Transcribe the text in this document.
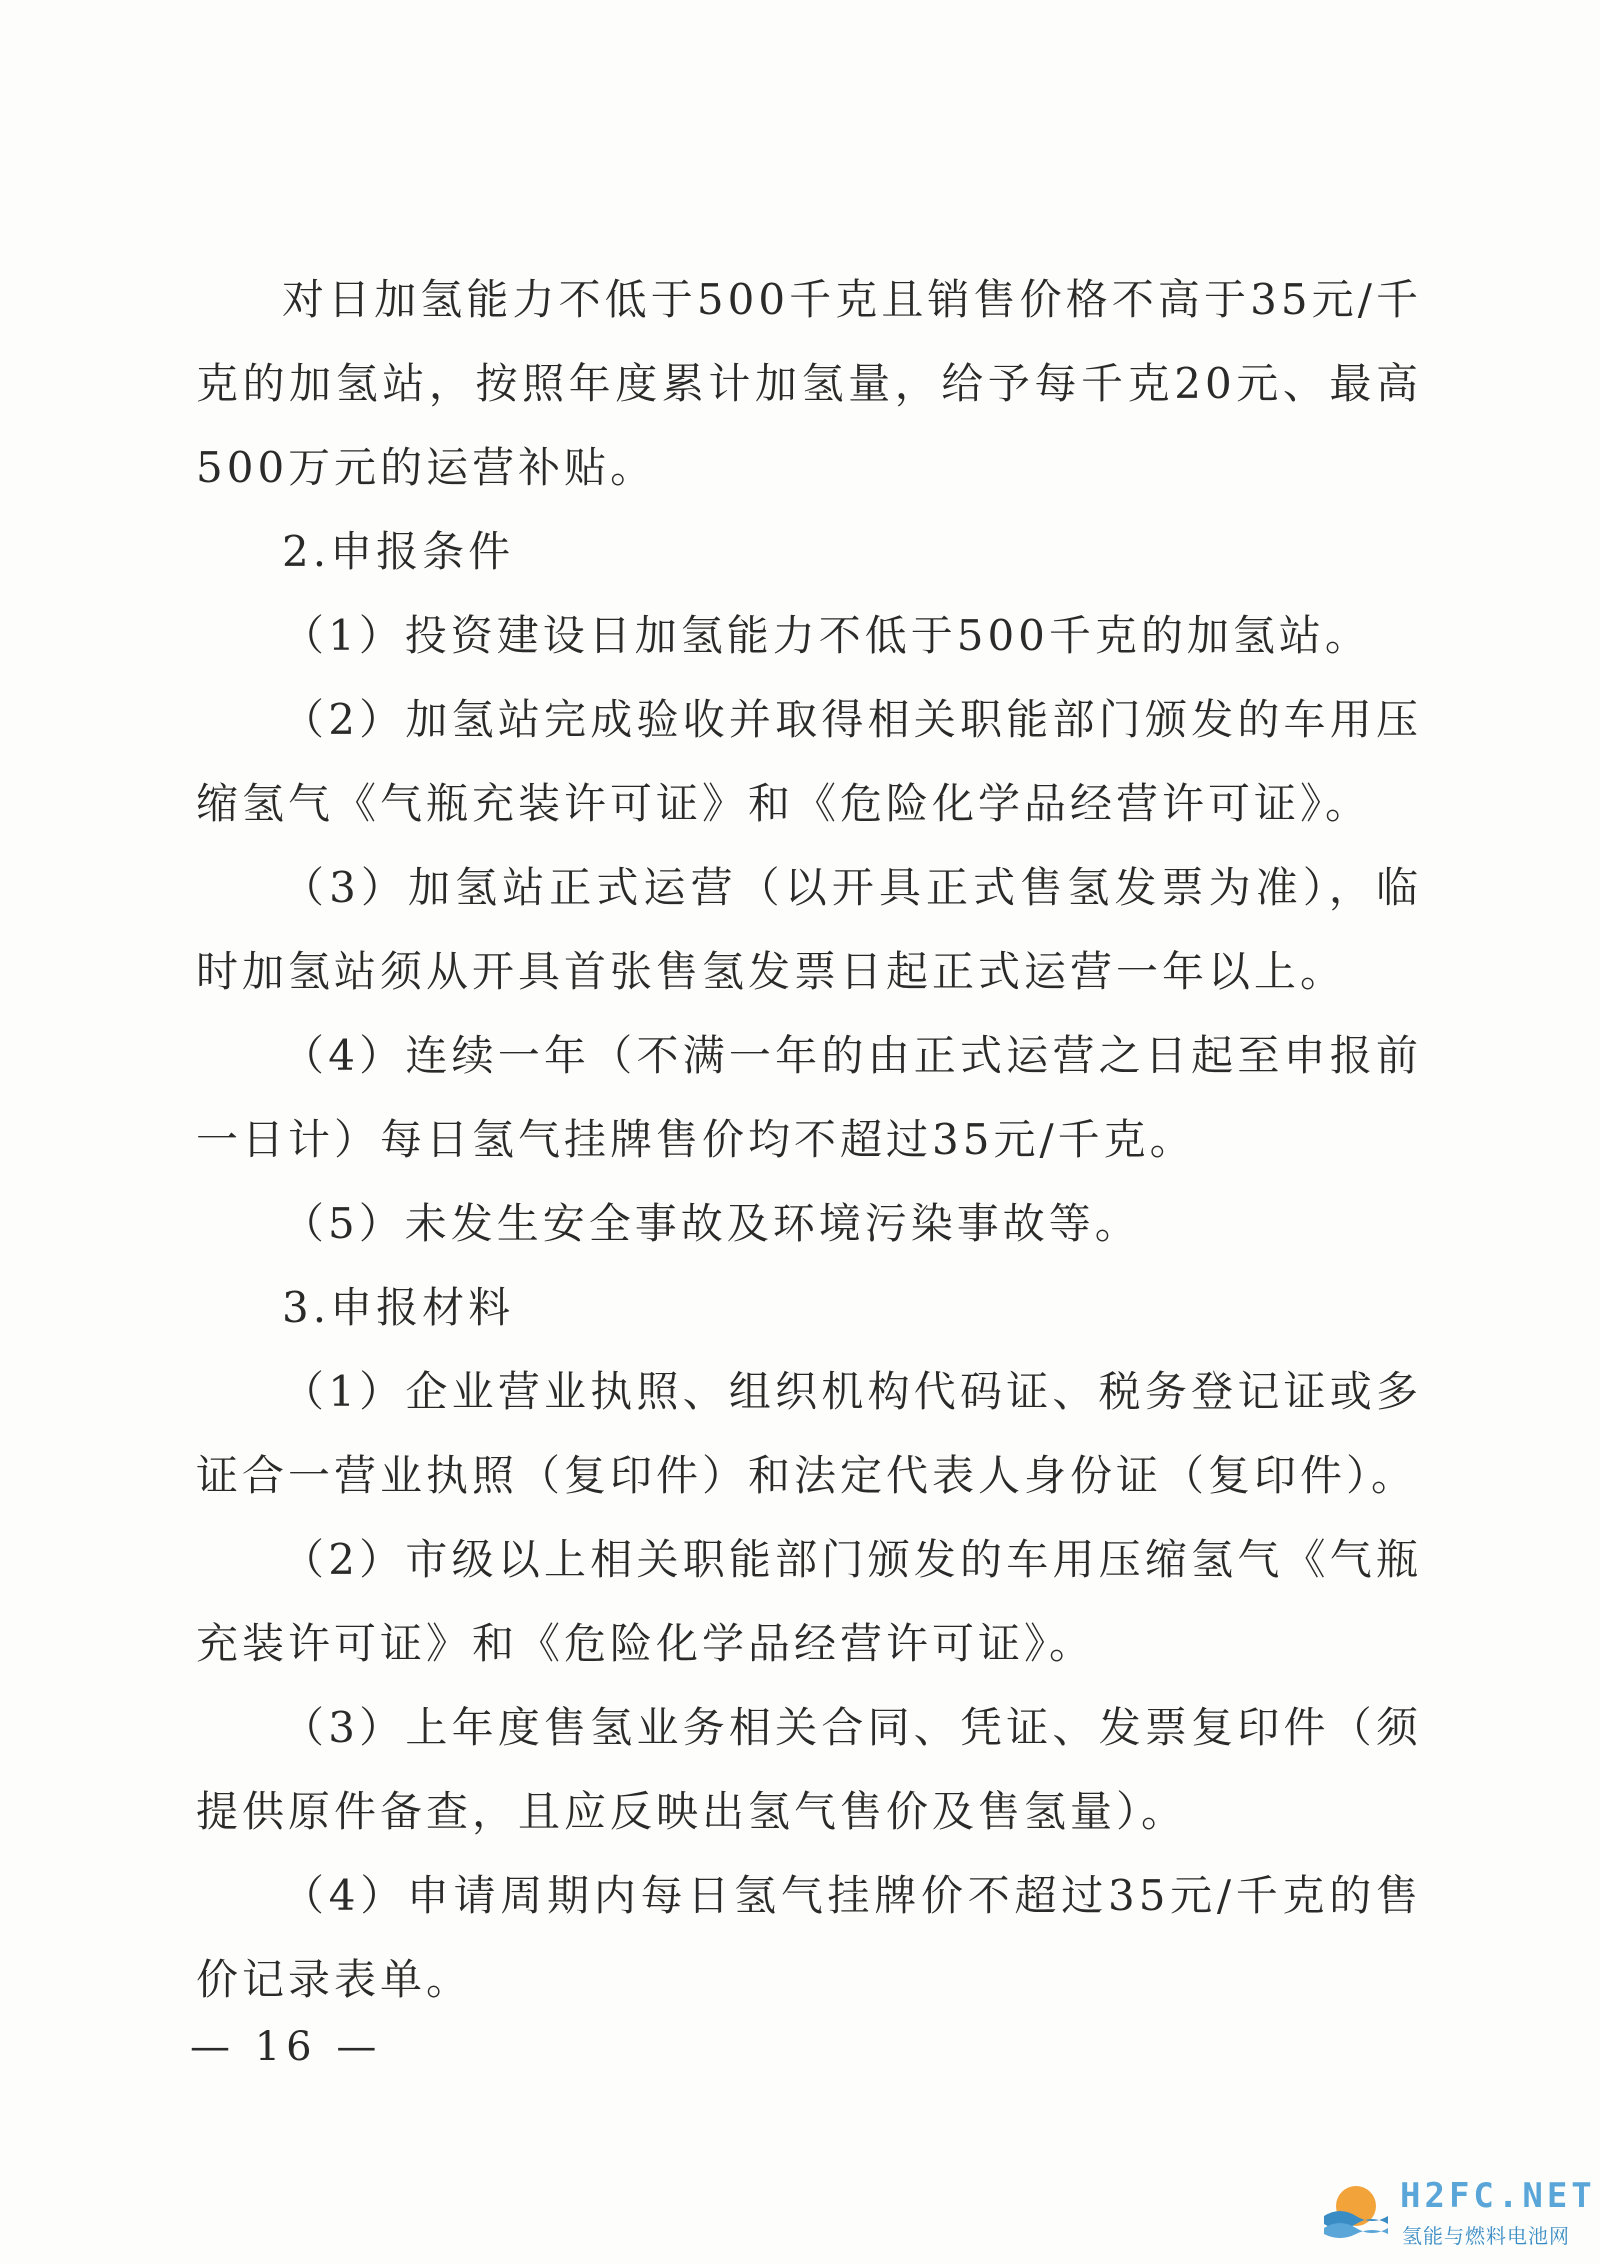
对日加氢能力不低于500千克且销售价格不高于35元/千克的加氢站，按照年度累计加氢量，给予每千克20元、最高500万元的运营补贴。

2.申报条件

（1）投资建设日加氢能力不低于500千克的加氢站。

（2）加氢站完成验收并取得相关职能部门颁发的车用压缩氢气《气瓶充装许可证》和《危险化学品经营许可证》。

（3）加氢站正式运营（以开具正式售氢发票为准），临时加氢站须从开具首张售氢发票日起正式运营一年以上。

（4）连续一年（不满一年的由正式运营之日起至申报前一日计）每日氢气挂牌售价均不超过35元/千克。

（5）未发生安全事故及环境污染事故等。

3.申报材料

（1）企业营业执照、组织机构代码证、税务登记证或多证合一营业执照（复印件）和法定代表人身份证（复印件）。

（2）市级以上相关职能部门颁发的车用压缩氢气《气瓶充装许可证》和《危险化学品经营许可证》。

（3）上年度售氢业务相关合同、凭证、发票复印件（须提供原件备查，且应反映出氢气售价及售氢量）。

（4）申请周期内每日氢气挂牌价不超过35元/千克的售价记录表单。

— 16 —
H2FC.NET
氢能与燃料电池网
